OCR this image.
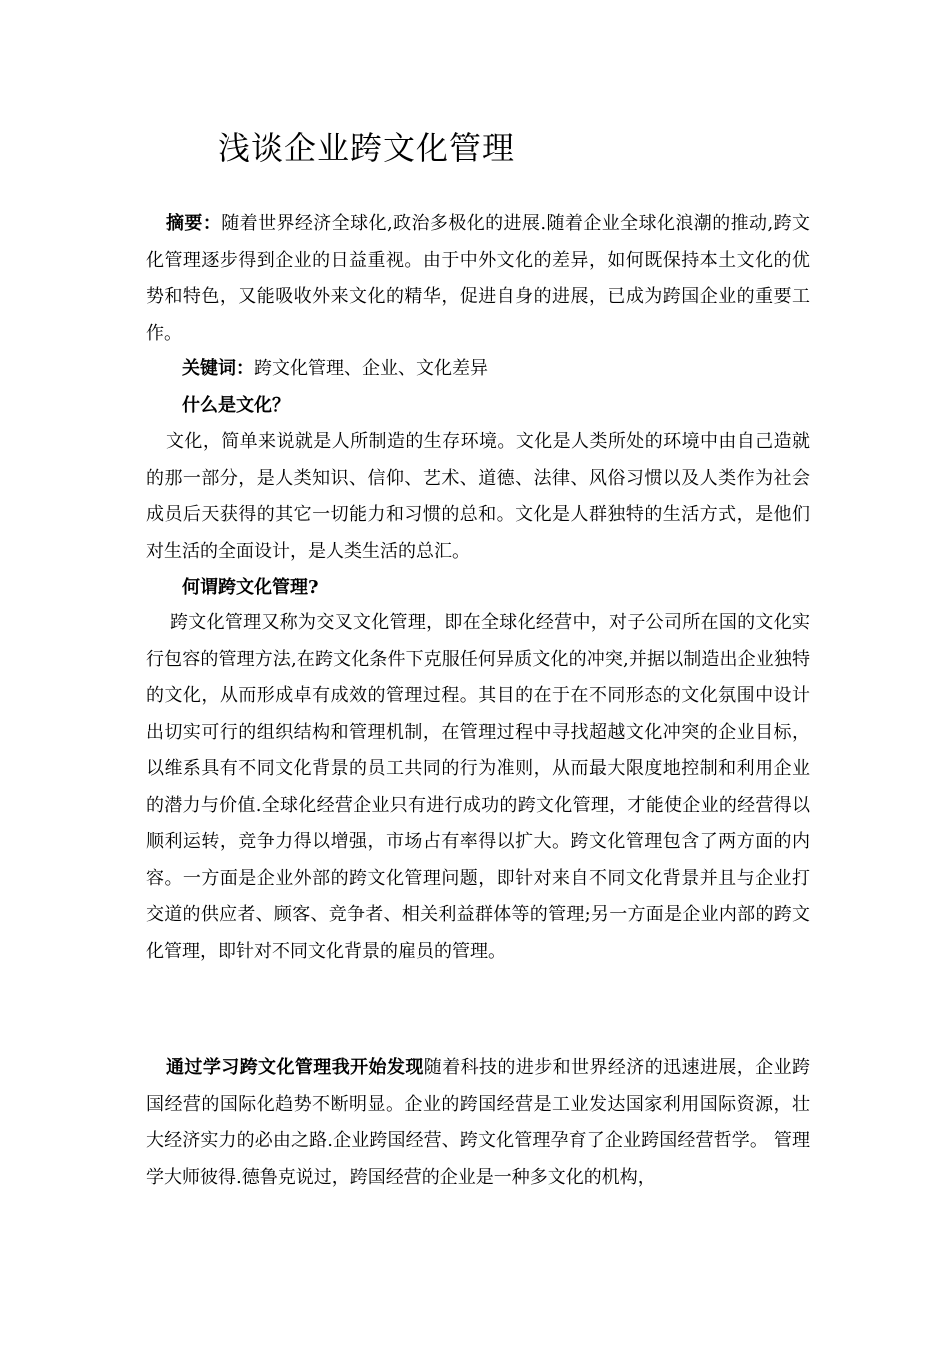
浅谈企业跨文化管理

摘要：随着世界经济全球化,政治多极化的进展.随着企业全球化浪潮的推动,跨文化管理逐步得到企业的日益重视。由于中外文化的差异，如何既保持本土文化的优势和特色，又能吸收外来文化的精华，促进自身的进展，已成为跨国企业的重要工作。

关键词：跨文化管理、企业、文化差异

什么是文化？

文化，简单来说就是人所制造的生存环境。文化是人类所处的环境中由自己造就的那一部分，是人类知识、信仰、艺术、道德、法律、风俗习惯以及人类作为社会成员后天获得的其它一切能力和习惯的总和。文化是人群独特的生活方式，是他们对生活的全面设计，是人类生活的总汇。

何谓跨文化管理?

跨文化管理又称为交叉文化管理，即在全球化经营中，对子公司所在国的文化实行包容的管理方法,在跨文化条件下克服任何异质文化的冲突,并据以制造出企业独特的文化，从而形成卓有成效的管理过程。其目的在于在不同形态的文化氛围中设计出切实可行的组织结构和管理机制，在管理过程中寻找超越文化冲突的企业目标，以维系具有不同文化背景的员工共同的行为准则，从而最大限度地控制和利用企业的潜力与价值.全球化经营企业只有进行成功的跨文化管理，才能使企业的经营得以顺利运转，竞争力得以增强，市场占有率得以扩大。跨文化管理包含了两方面的内容。一方面是企业外部的跨文化管理问题，即针对来自不同文化背景并且与企业打交道的供应者、顾客、竞争者、相关利益群体等的管理;另一方面是企业内部的跨文化管理，即针对不同文化背景的雇员的管理。

通过学习跨文化管理我开始发现随着科技的进步和世界经济的迅速进展，企业跨国经营的国际化趋势不断明显。企业的跨国经营是工业发达国家利用国际资源，壮大经济实力的必由之路.企业跨国经营、跨文化管理孕育了企业跨国经营哲学。 管理学大师彼得.德鲁克说过，跨国经营的企业是一种多文化的机构，
